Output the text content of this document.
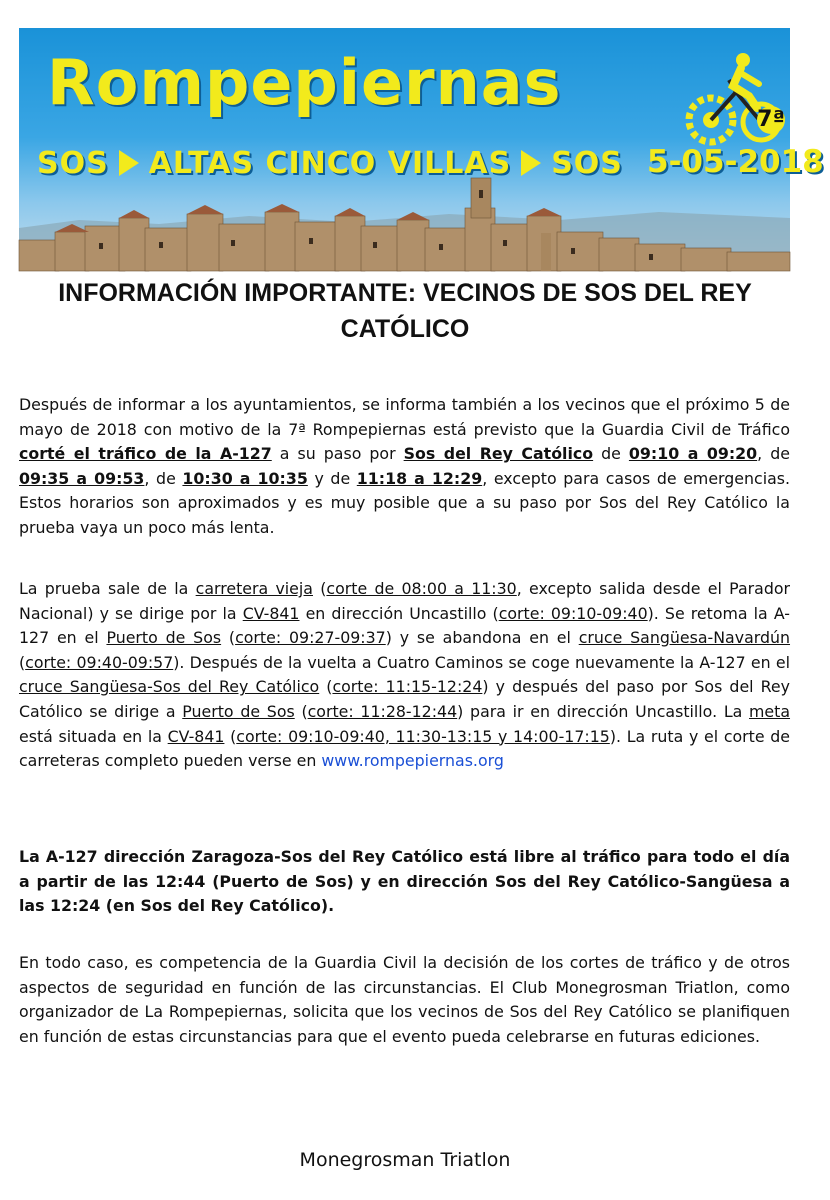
Rompepiernas
SOS ALTAS CINCO VILLAS SOS 5-05-2018
7ª
INFORMACIÓN IMPORTANTE: VECINOS DE SOS DEL REY CATÓLICO

Después de informar a los ayuntamientos, se informa también a los vecinos que el próximo 5 de mayo de 2018 con motivo de la 7ª Rompepiernas está previsto que la Guardia Civil de Tráfico corté el tráfico de la A-127 a su paso por Sos del Rey Católico de 09:10 a 09:20, de 09:35 a 09:53, de 10:30 a 10:35 y de 11:18 a 12:29, excepto para casos de emergencias. Estos horarios son aproximados y es muy posible que a su paso por Sos del Rey Católico la prueba vaya un poco más lenta.

La prueba sale de la carretera vieja (corte de 08:00 a 11:30, excepto salida desde el Parador Nacional) y se dirige por la CV-841 en dirección Uncastillo (corte: 09:10-09:40). Se retoma la A-127 en el Puerto de Sos (corte: 09:27-09:37) y se abandona en el cruce Sangüesa-Navardún (corte: 09:40-09:57). Después de la vuelta a Cuatro Caminos se coge nuevamente la A-127 en el cruce Sangüesa-Sos del Rey Católico (corte: 11:15-12:24) y después del paso por Sos del Rey Católico se dirige a Puerto de Sos (corte: 11:28-12:44) para ir en dirección Uncastillo. La meta está situada en la CV-841 (corte: 09:10-09:40, 11:30-13:15 y 14:00-17:15). La ruta y el corte de carreteras completo pueden verse en www.rompepiernas.org

La A-127 dirección Zaragoza-Sos del Rey Católico está libre al tráfico para todo el día a partir de las 12:44 (Puerto de Sos) y en dirección Sos del Rey Católico-Sangüesa a las 12:24 (en Sos del Rey Católico).

En todo caso, es competencia de la Guardia Civil la decisión de los cortes de tráfico y de otros aspectos de seguridad en función de las circunstancias. El Club Monegrosman Triatlon, como organizador de La Rompepiernas, solicita que los vecinos de Sos del Rey Católico se planifiquen en función de estas circunstancias para que el evento pueda celebrarse en futuras ediciones.

Monegrosman Triatlon
